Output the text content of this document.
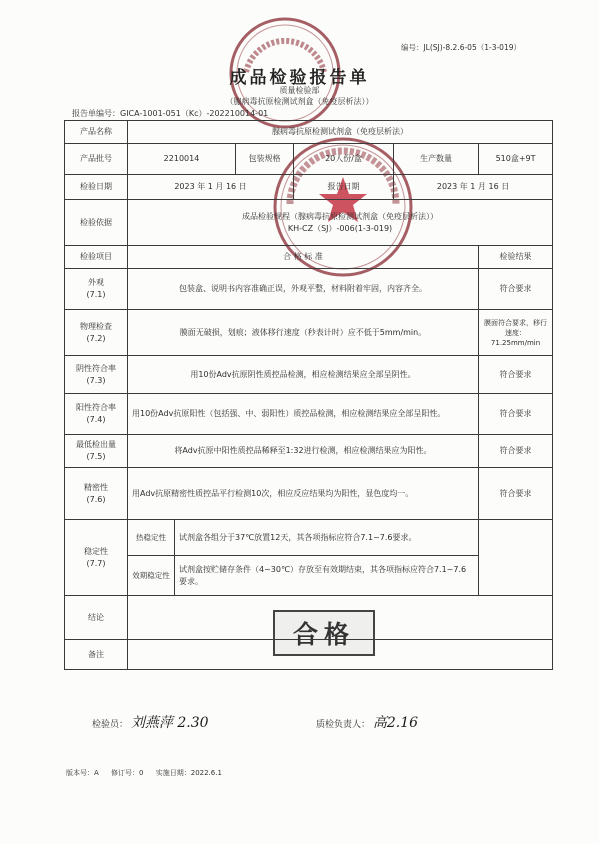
编号：JL(SJ)-8.2.6-05（1-3-019）
成品检验报告单
质量检验部
（腺病毒抗原检测试剂盒（免疫层析法））
报告单编号：GICA-1001-051（Kc）-202210014-01
产品名称	腺病毒抗原检测试剂盒（免疫层析法）					
产品批号	2210014		包装规格	20人份/盒	生产数量	510盒+9T
检验日期	2023 年 1 月 16 日			报告日期	2023 年 1 月 16 日	
检验依据	成品检验规程（腺病毒抗原检测试剂盒（免疫层析法））
KH-CZ（SJ）-006(1-3-019)					

检验项目	合 格 标 准					检验结果

外观
(7.1)	包装盒、说明书内容准确正误，外观平整，材料附着牢固，内容齐全。					符合要求

物理检查
(7.2)	膜面无破损，划痕；液体移行速度（秒表计时）应不低于5mm/min。					膜面符合要求，移行速度：71.25mm/min

阴性符合率
(7.3)	用10份Adv抗原阴性质控品检测，相应检测结果应全部呈阴性。					符合要求

阳性符合率
(7.4)	用10份Adv抗原阳性（包括强、中、弱阳性）质控品检测，相应检测结果应全部呈阳性。					符合要求

最低检出量
(7.5)	将Adv抗原中阳性质控品稀释至1:32进行检测，相应检测结果应为阳性。					符合要求

精密性
(7.6)	用Adv抗原精密性质控品平行检测10次，相应反应结果均为阳性，显色度均一。					符合要求

稳定性
(7.7)	热稳定性	试剂盒各组分于37℃放置12天，其各项指标应符合7.1~7.6要求。				
	效期稳定性	试剂盒按贮储存条件（4~30℃）存放至有效期结束，其各项指标应符合7.1~7.6要求。				
结论						
备注						
合格
检验员： 刘燕萍 2.30	质检负责人： 高2.16
版本号：A 修订号：0 实施日期：2022.6.1
